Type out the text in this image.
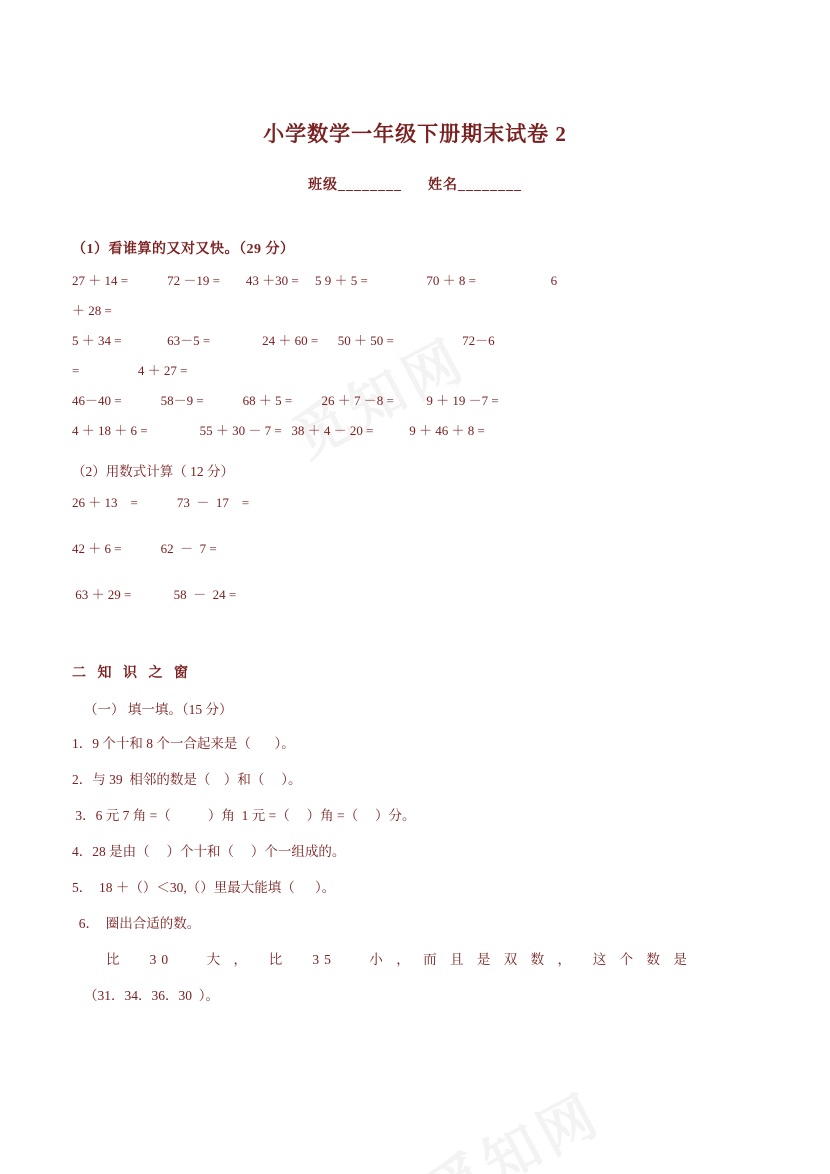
小学数学一年级下册期末试卷 2
班级________ 姓名________
（1）看谁算的又对又快。（29 分）
27 ＋ 14 =            72 －19 =        43 ＋30 =     5 9 ＋ 5 =                  70 ＋ 8 =                       6
＋ 28 =
5 ＋ 34 =              63－5 =                24 ＋ 60 =      50 ＋ 50 =                     72－6
=                  4 ＋ 27 =
46－40 =            58－9 =            68 ＋ 5 =         26 ＋ 7 －8 =          9 ＋ 19 －7 =
4 ＋ 18 ＋ 6 =                55 ＋ 30 － 7 =   38 ＋ 4 － 20 =           9 ＋ 46 ＋ 8 =
（2）用数式计算（ 12 分）
26 ＋ 13    =            73  －  17    =
42 ＋ 6 =            62  －  7 =
63 ＋ 29 =             58  －  24 =
二 知 识 之 窗
（一） 填一填。（15 分）
1．9 个十和 8 个一合起来是（       ）。
2．与 39  相邻的数是（    ）和（     ）。
3．6 元 7 角 =（           ）角  1 元 =（     ）角 =（     ）分。
4．28 是由（     ）个十和（     ）个一组成的。
5．  18 ＋（）＜30,（）里最大能填（      ）。
6．  圈出合适的数。
比   30    大 ，  比   35    小 ， 而 且 是 双 数 ，  这 个 数 是
（31．34．36．30  ）。
